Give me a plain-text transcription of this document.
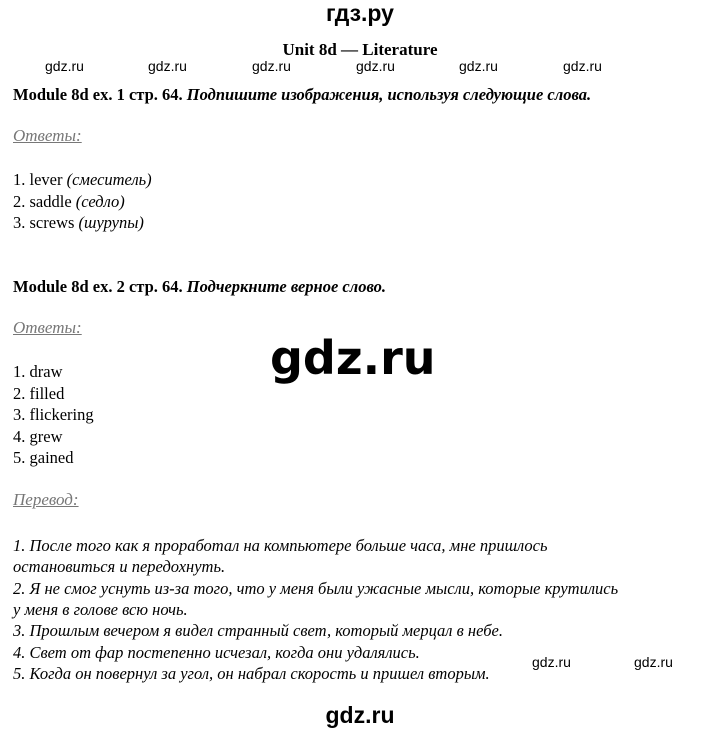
гдз.ру
gdz.ru	gdz.ru	gdz.ru	gdz.ru	gdz.ru	gdz.ru
gdz.ru	gdz.ru
gdz.ru
Unit 8d — Literature
Module 8d ex. 1 стр. 64. Подпишите изображения, используя следующие слова.
Ответы:
1. lever (смеситель)
2. saddle (седло)
3. screws (шурупы)
Module 8d ex. 2 стр. 64. Подчеркните верное слово.
Ответы:
1. draw
2. filled
3. flickering
4. grew
5. gained
Перевод:
1. После того как я проработал на компьютере больше часа, мне пришлось
остановиться и передохнуть.
2. Я не смог уснуть из-за того, что у меня были ужасные мысли, которые крутились
у меня в голове всю ночь.
3. Прошлым вечером я видел странный свет, который мерцал в небе.
4. Свет от фар постепенно исчезал, когда они удалялись.
5. Когда он повернул за угол, он набрал скорость и пришел вторым.
gdz.ru
